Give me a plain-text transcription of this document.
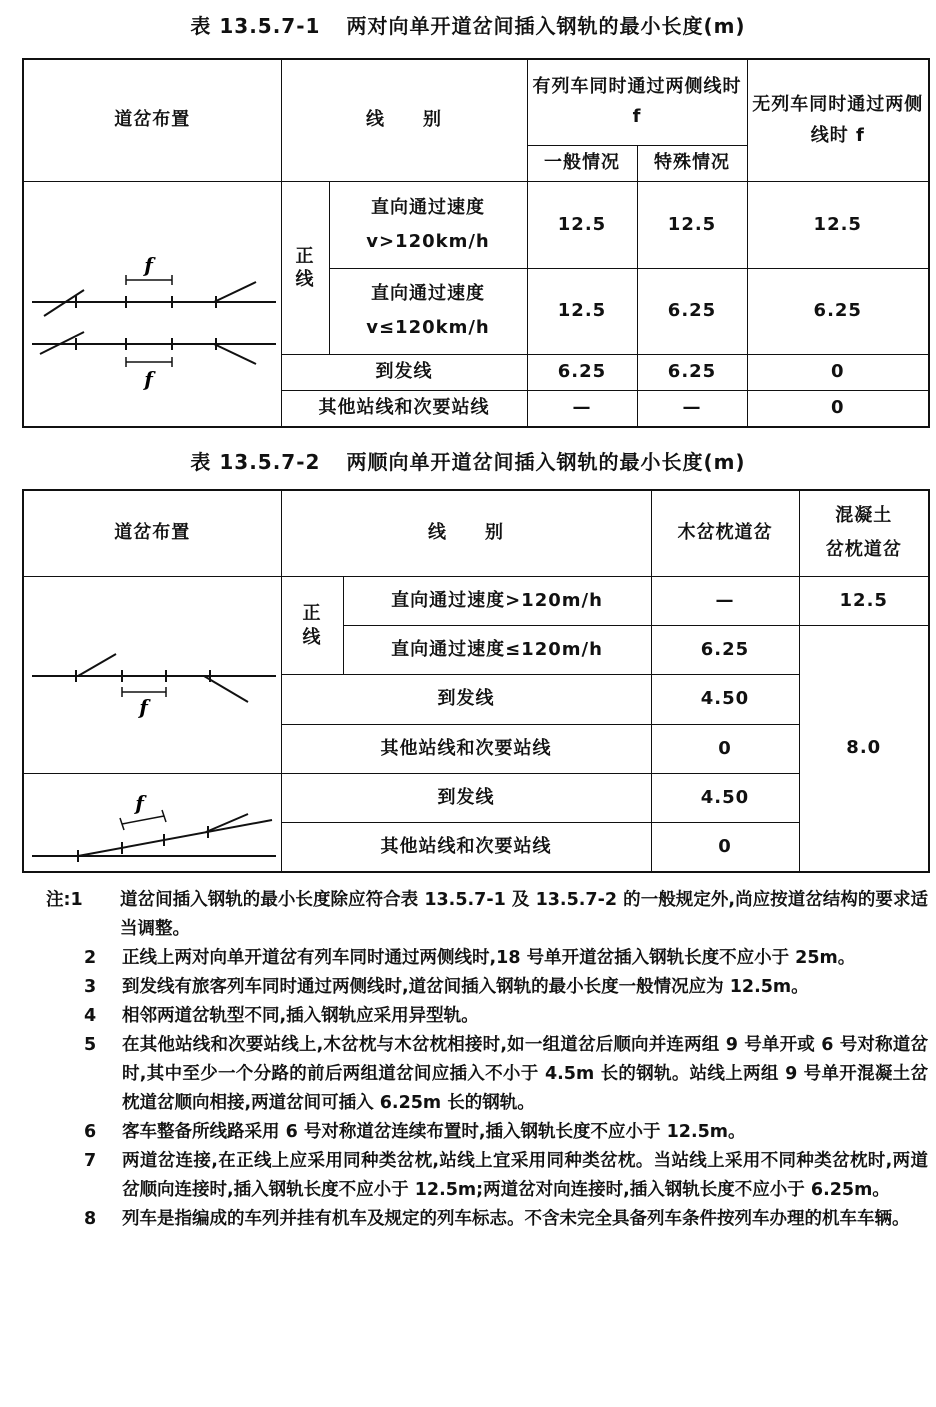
表 13.5.7-1 两对向单开道岔间插入钢轨的最小长度(m)
道岔布置	线　　别		有列车同时通过两侧线时 f		无列车同时通过两侧线时 f
			一般情况	特殊情况	

f
f	正线	直向通过速度
v>120km/h	12.5	12.5	12.5

		直向通过速度
v≤120km/h	12.5	6.25	6.25
	到发线		6.25	6.25	0
	其他站线和次要站线		—	—	0
表 13.5.7-2 两顺向单开道岔间插入钢轨的最小长度(m)
道岔布置	线　　别		木岔枕道岔	混凝土
岔枕道岔

f	正线	直向通过速度>120m/h	—	12.5
		直向通过速度≤120m/h	6.25	8.0
	到发线		4.50	
	其他站线和次要站线		0	

f	到发线		4.50	
	其他站线和次要站线		0	
注:1	道岔间插入钢轨的最小长度除应符合表 13.5.7-1 及 13.5.7-2 的一般规定外,尚应按道岔结构的要求适当调整。
2	正线上两对向单开道岔有列车同时通过两侧线时,18 号单开道岔插入钢轨长度不应小于 25m。
3	到发线有旅客列车同时通过两侧线时,道岔间插入钢轨的最小长度一般情况应为 12.5m。
4	相邻两道岔轨型不同,插入钢轨应采用异型轨。
5	在其他站线和次要站线上,木岔枕与木岔枕相接时,如一组道岔后顺向并连两组 9 号单开或 6 号对称道岔时,其中至少一个分路的前后两组道岔间应插入不小于 4.5m 长的钢轨。站线上两组 9 号单开混凝土岔枕道岔顺向相接,两道岔间可插入 6.25m 长的钢轨。
6	客车整备所线路采用 6 号对称道岔连续布置时,插入钢轨长度不应小于 12.5m。
7	两道岔连接,在正线上应采用同种类岔枕,站线上宜采用同种类岔枕。当站线上采用不同种类岔枕时,两道岔顺向连接时,插入钢轨长度不应小于 12.5m;两道岔对向连接时,插入钢轨长度不应小于 6.25m。
8	列车是指编成的车列并挂有机车及规定的列车标志。不含未完全具备列车条件按列车办理的机车车辆。
